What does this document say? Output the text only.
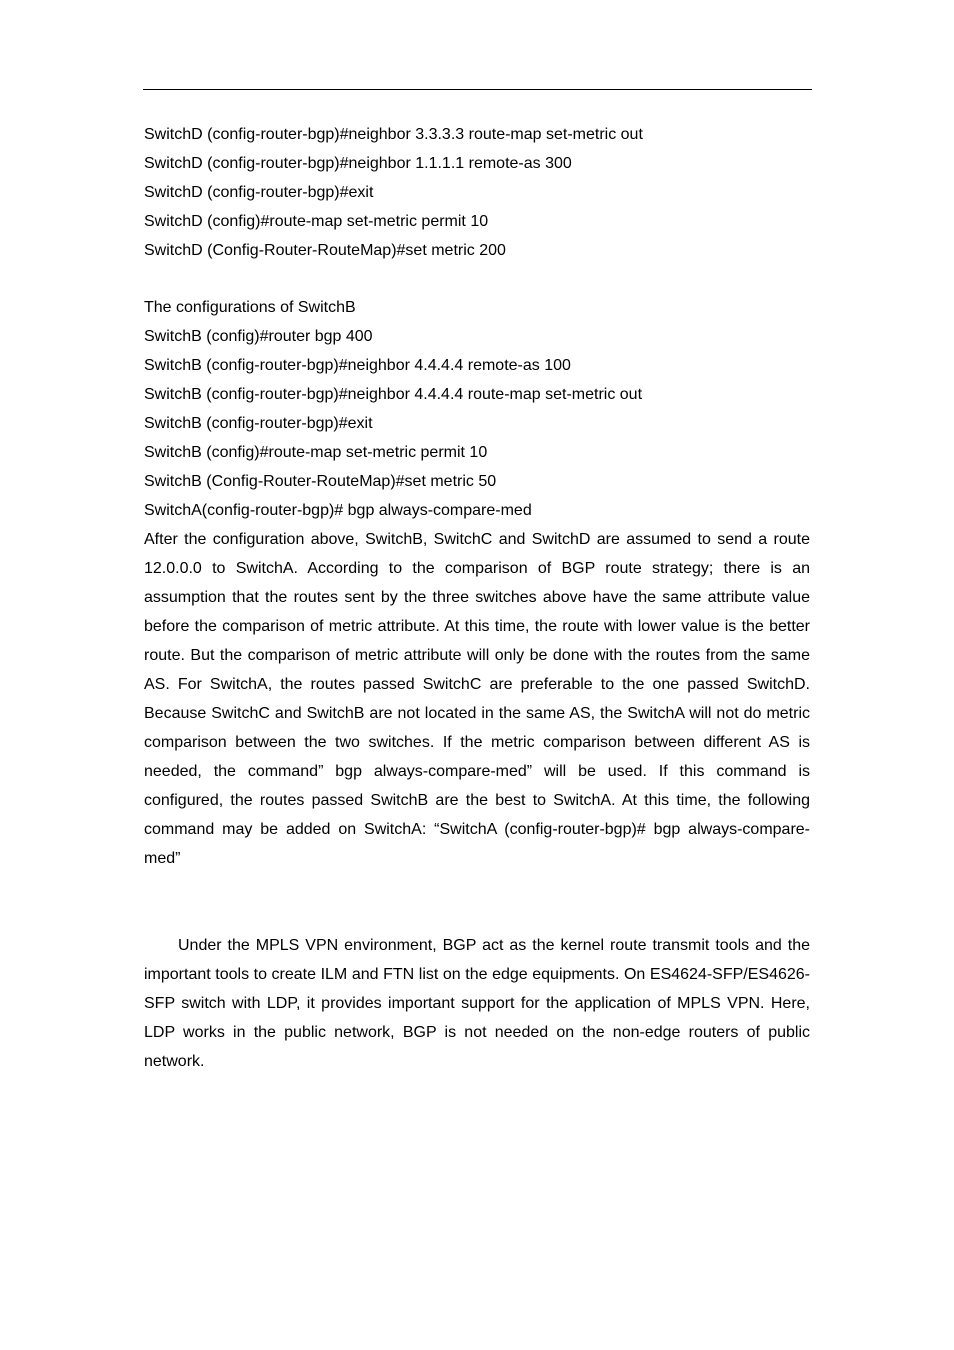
SwitchD (config-router-bgp)#neighbor 3.3.3.3 route-map set-metric out

SwitchD (config-router-bgp)#neighbor 1.1.1.1 remote-as 300

SwitchD (config-router-bgp)#exit

SwitchD (config)#route-map set-metric permit 10

SwitchD (Config-Router-RouteMap)#set metric 200

The configurations of SwitchB

SwitchB (config)#router bgp 400

SwitchB (config-router-bgp)#neighbor 4.4.4.4 remote-as 100

SwitchB (config-router-bgp)#neighbor 4.4.4.4 route-map set-metric out

SwitchB (config-router-bgp)#exit

SwitchB (config)#route-map set-metric permit 10

SwitchB (Config-Router-RouteMap)#set metric 50

SwitchA(config-router-bgp)# bgp always-compare-med

After the configuration above, SwitchB, SwitchC and SwitchD are assumed to send a route 12.0.0.0 to SwitchA. According to the comparison of BGP route strategy; there is an assumption that the routes sent by the three switches above have the same attribute value before the comparison of metric attribute. At this time, the route with lower value is the better route. But the comparison of metric attribute will only be done with the routes from the same AS. For SwitchA, the routes passed SwitchC are preferable to the one passed SwitchD. Because SwitchC and SwitchB are not located in the same AS, the SwitchA will not do metric comparison between the two switches. If the metric comparison between different AS is needed, the command” bgp always-compare-med” will be used. If this command is configured, the routes passed SwitchB are the best to SwitchA. At this time, the following command may be added on SwitchA: “SwitchA (config-router-bgp)# bgp always-compare-med”

Under the MPLS VPN environment, BGP act as the kernel route transmit tools and the important tools to create ILM and FTN list on the edge equipments. On ES4624-SFP/ES4626-SFP switch with LDP, it provides important support for the application of MPLS VPN. Here, LDP works in the public network, BGP is not needed on the non-edge routers of public network.
